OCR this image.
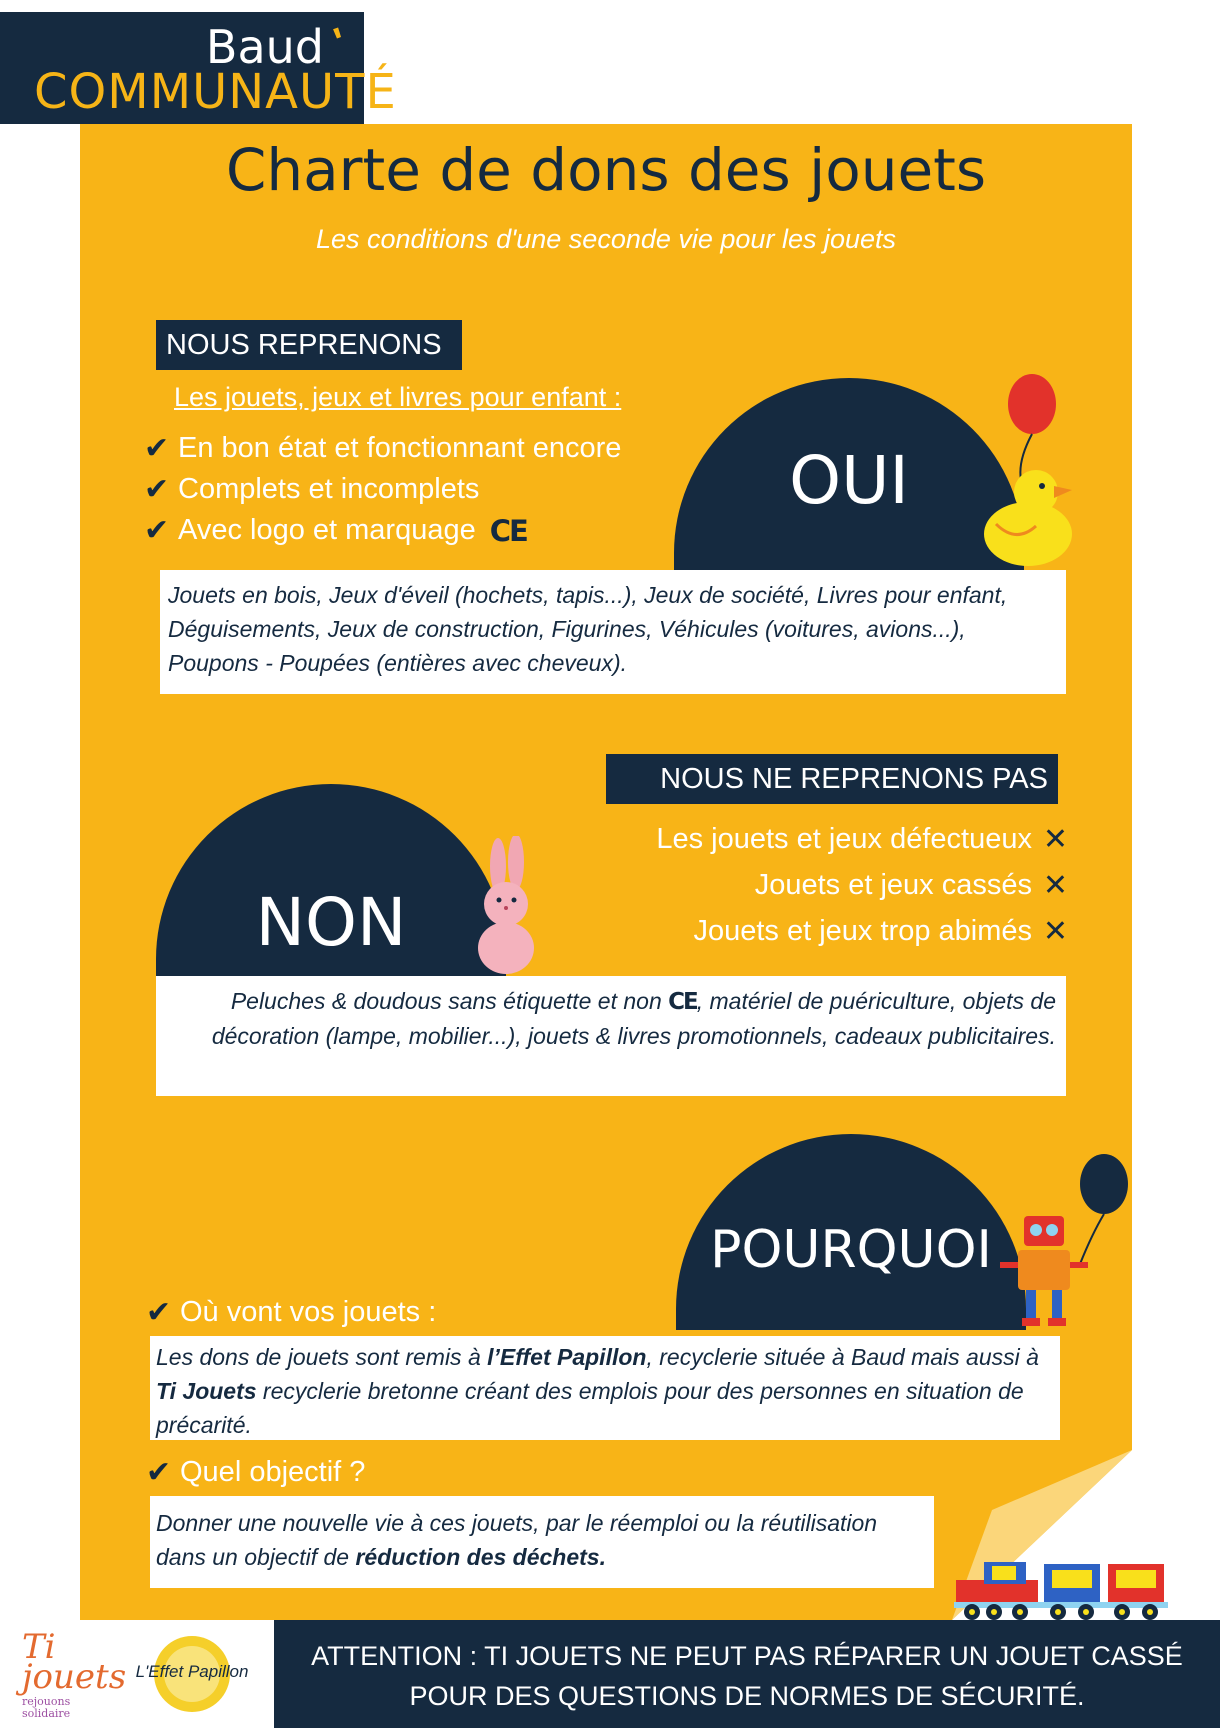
Baud ʹ
COMMUNAUTÉ
Charte de dons des jouets
Les conditions d'une seconde vie pour les jouets
NOUS REPRENONS
Les jouets, jeux et livres pour enfant :
✔ En bon état et fonctionnant encore
✔ Complets et incomplets
✔ Avec logo et marquage CE
OUI
Jouets en bois, Jeux d'éveil (hochets, tapis...), Jeux de société, Livres pour enfant, Déguisements, Jeux de construction, Figurines, Véhicules (voitures, avions...), Poupons - Poupées (entières avec cheveux).
NOUS NE REPRENONS PAS
Les jouets et jeux défectueux ✕
Jouets et jeux cassés ✕
Jouets et jeux trop abimés ✕
NON
Peluches & doudous sans étiquette et non CE, matériel de puériculture, objets de décoration (lampe, mobilier...), jouets & livres promotionnels, cadeaux publicitaires.
POURQUOI
✔ Où vont vos jouets :
Les dons de jouets sont remis à l’Effet Papillon, recyclerie située à Baud mais aussi à Ti Jouets recyclerie bretonne créant des emplois pour des personnes en situation de précarité.
✔ Quel objectif ?
Donner une nouvelle vie à ces jouets, par le réemploi ou la réutilisation dans un objectif de réduction des déchets.
Ti jouets
rejouons solidaire
L'Effet Papillon
ATTENTION : TI JOUETS NE PEUT PAS RÉPARER UN JOUET CASSÉ POUR DES QUESTIONS DE NORMES DE SÉCURITÉ.
